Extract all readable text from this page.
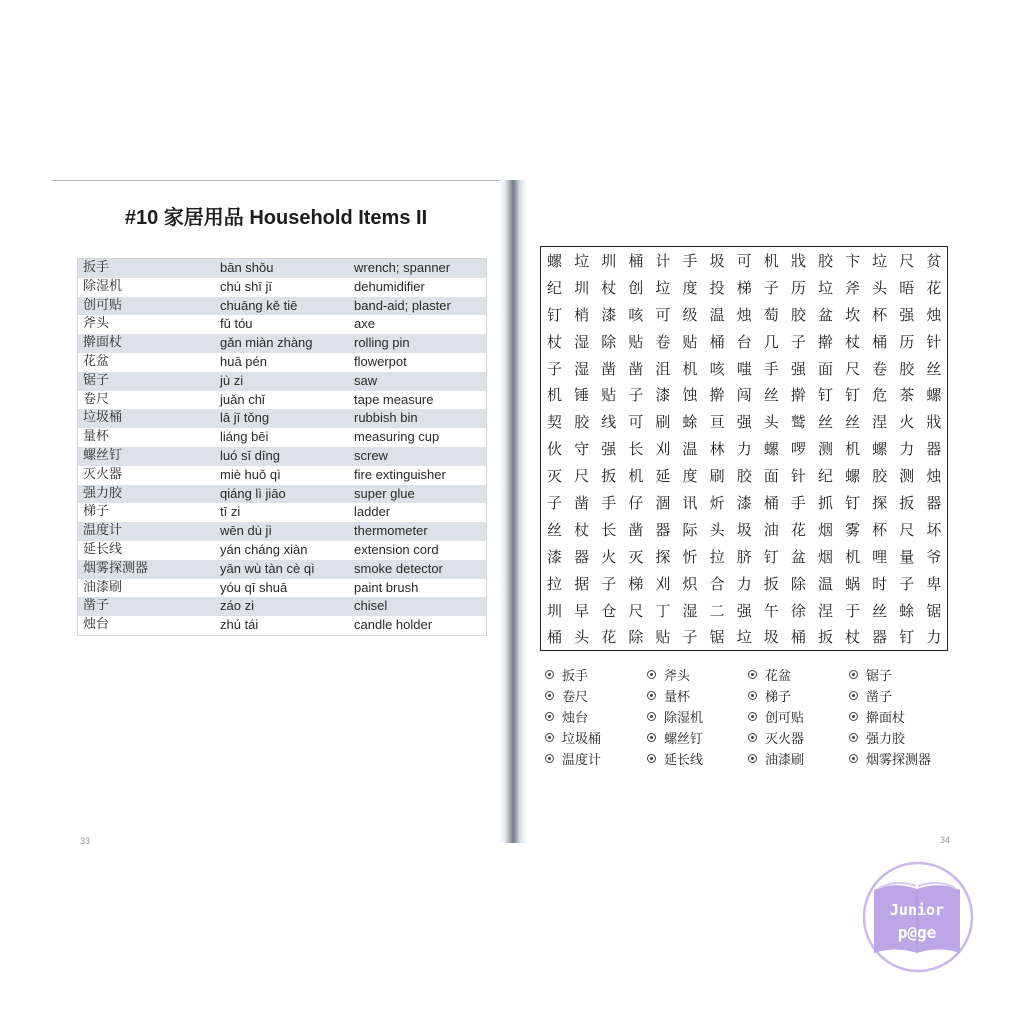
#10 家居用品 Household Items II
扳手	bān shǒu	wrench; spanner
除湿机	chú shī jī	dehumidifier
创可贴	chuāng kě tiē	band-aid; plaster
斧头	fǔ tóu	axe
擀面杖	gǎn miàn zhàng	rolling pin
花盆	huā pén	flowerpot
锯子	jù zi	saw
卷尺	juǎn chǐ	tape measure
垃圾桶	lā jī tǒng	rubbish bin
量杯	liáng bēi	measuring cup
螺丝钉	luó sī dīng	screw
灭火器	miè huǒ qì	fire extinguisher
强力胶	qiáng lì jiāo	super glue
梯子	tī zi	ladder
温度计	wēn dù jì	thermometer
延长线	yán cháng xiàn	extension cord
烟雾探测器	yān wù tàn cè qì	smoke detector
油漆刷	yóu qī shuā	paint brush
凿子	záo zi	chisel
烛台	zhú tái	candle holder
33
螺 垃 圳 桶 计 手 圾 可 机 戕 胶 卞 垃 尺 贫
纪 圳 杖 创 垃 度 投 梯 子 历 垃 斧 头 晤 花
钉 梢 漆 咳 可 级 温 烛 萄 胶 盆 坎 杯 强 烛
杖 湿 除 贴 卷 贴 桶 台 几 子 擀 杖 桶 历 针
子 湿 凿 凿 沮 机 咳 嗤 手 强 面 尺 卷 胶 丝
机 锤 贴 子 漆 蚀 擀 闯 丝 擀 钉 钉 危 茶 螺
契 胶 线 可 刷 蜍 亘 强 头 鹫 丝 丝 涅 火 戕
伙 守 强 长 刈 温 林 力 螺 啰 测 机 螺 力 器
灭 尺 扳 机 延 度 刷 胶 面 针 纪 螺 胶 测 烛
子 凿 手 仔 涸 讯 炘 漆 桶 手 抓 钉 探 扳 器
丝 杖 长 凿 器 际 头 圾 油 花 烟 雾 杯 尺 坏
漆 器 火 灭 探 忻 拉 脐 钉 盆 烟 机 哩 量 爷
拉 据 子 梯 刈 炽 合 力 扳 除 温 蜗 时 子 卑
圳 早 仓 尺 丁 湿 二 强 午 徐 涅 于 丝 蜍 锯
桶 头 花 除 贴 子 锯 垃 圾 桶 扳 杖 器 钉 力
扳手	斧头	花盆	锯子
卷尺	量杯	梯子	凿子
烛台	除湿机	创可贴	擀面杖
垃圾桶	螺丝钉	灭火器	强力胶
温度计	延长线	油漆刷	烟雾探测器
34
Junior
p@ge
